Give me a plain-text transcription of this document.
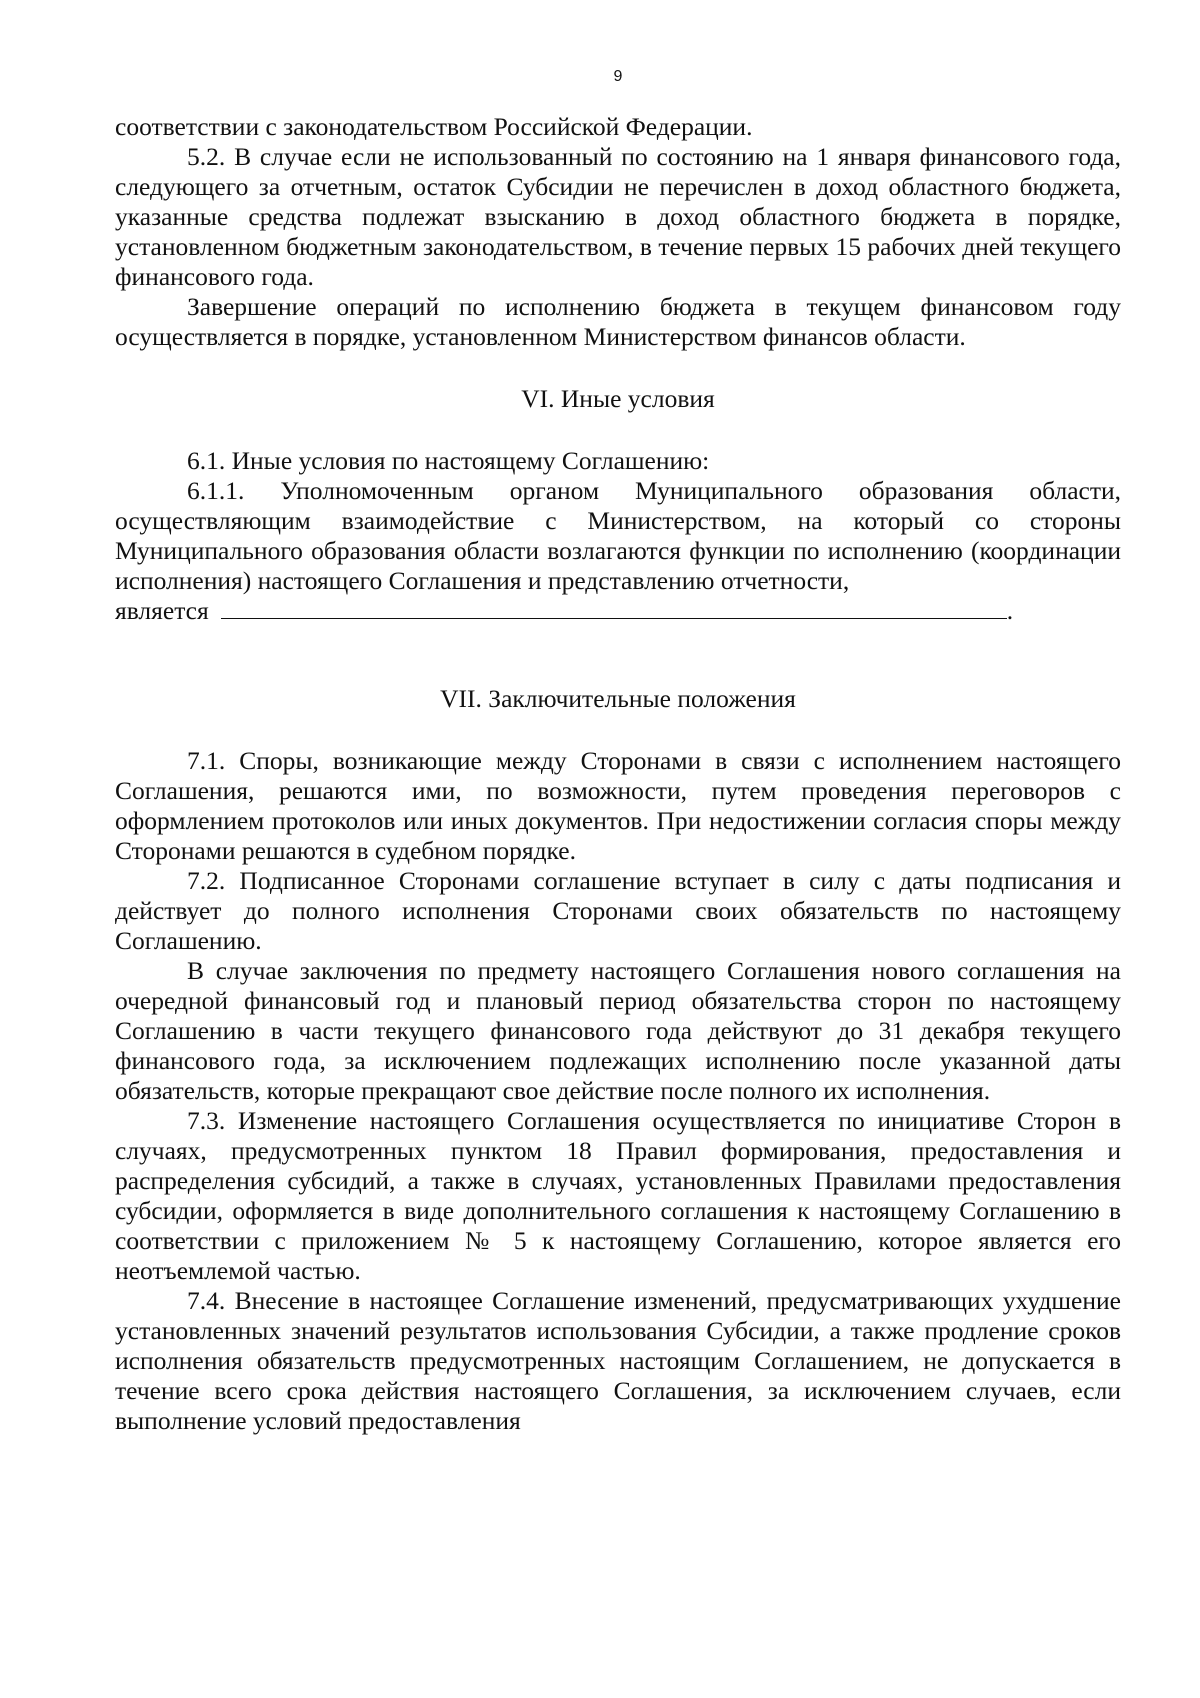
9

соответствии с законодательством Российской Федерации.

5.2. В случае если не использованный по состоянию на 1 января финансового года, следующего за отчетным, остаток Субсидии не перечислен в доход областного бюджета, указанные средства подлежат взысканию в доход областного бюджета в порядке, установленном бюджетным законодательством, в течение первых 15 рабочих дней текущего финансового года.

Завершение операций по исполнению бюджета в текущем финансовом году осуществляется в порядке, установленном Министерством финансов области.

VI. Иные условия

6.1. Иные условия по настоящему Соглашению:

6.1.1. Уполномоченным органом Муниципального образования области, осуществляющим взаимодействие с Министерством, на который со стороны Муниципального образования области возлагаются функции по исполнению (координации исполнения) настоящего Соглашения и представлению отчетности,

является	.

VII. Заключительные положения

7.1. Споры, возникающие между Сторонами в связи с исполнением настоящего Соглашения, решаются ими, по возможности, путем проведения переговоров с оформлением протоколов или иных документов. При недостижении согласия споры между Сторонами решаются в судебном порядке.

7.2. Подписанное Сторонами соглашение вступает в силу с даты подписания и действует до полного исполнения Сторонами своих обязательств по настоящему Соглашению.

В случае заключения по предмету настоящего Соглашения нового соглашения на очередной финансовый год и плановый период обязательства сторон по настоящему Соглашению в части текущего финансового года действуют до 31 декабря текущего финансового года, за исключением подлежащих исполнению после указанной даты обязательств, которые прекращают свое действие после полного их исполнения.

7.3. Изменение настоящего Соглашения осуществляется по инициативе Сторон в случаях, предусмотренных пунктом 18 Правил формирования, предоставления и распределения субсидий, а также в случаях, установленных Правилами предоставления субсидии, оформляется в виде дополнительного соглашения к настоящему Соглашению в соответствии с приложением № 5 к настоящему Соглашению, которое является его неотъемлемой частью.

7.4. Внесение в настоящее Соглашение изменений, предусматривающих ухудшение установленных значений результатов использования Субсидии, а также продление сроков исполнения обязательств предусмотренных настоящим Соглашением, не допускается в течение всего срока действия настоящего Соглашения, за исключением случаев, если выполнение условий предоставления
